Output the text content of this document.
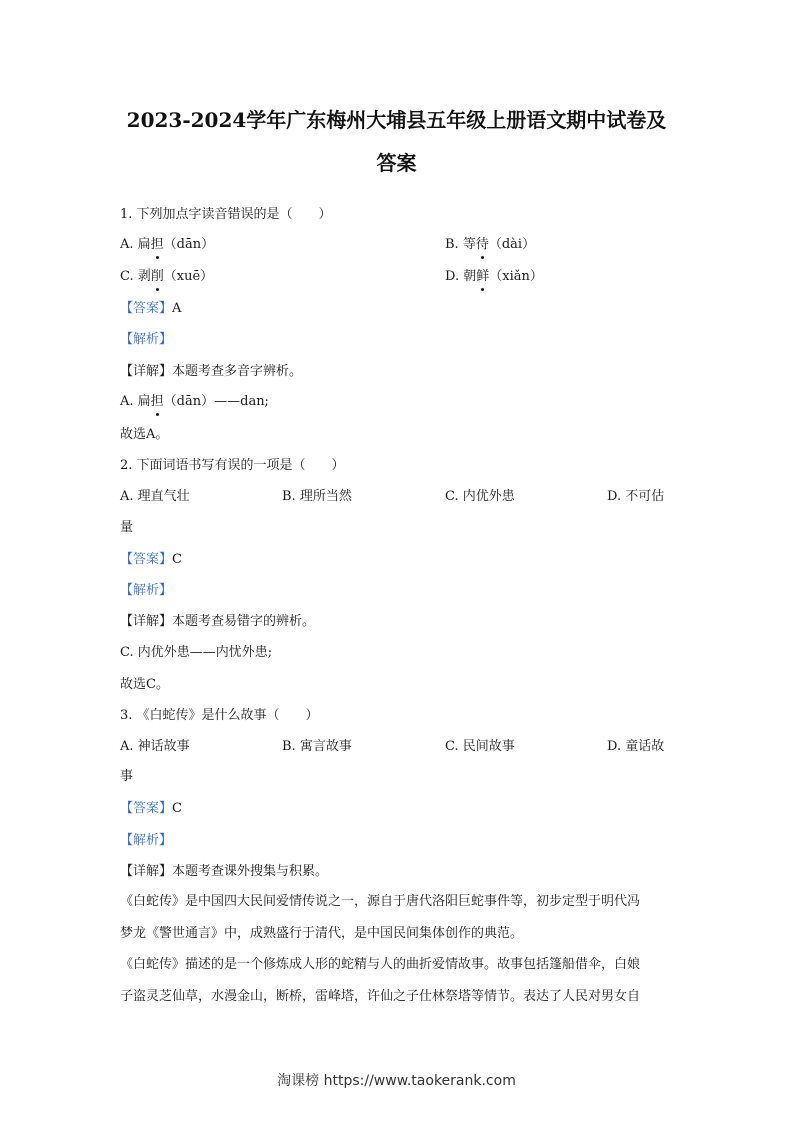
2023-2024学年广东梅州大埔县五年级上册语文期中试卷及
答案
1. 下列加点字读音错误的是（　　）
A. 扁担（dān）	B. 等待（dài）
C. 剥削（xuē）	D. 朝鲜（xiǎn）
【答案】A
【解析】
【详解】本题考查多音字辨析。
A. 扁担（dān）——dan;
故选A。
2. 下面词语书写有误的一项是（　　）
A. 理直气壮	B. 理所当然	C. 内优外患	D. 不可估
量
【答案】C
【解析】
【详解】本题考查易错字的辨析。
C. 内优外患——内忧外患;
故选C。
3. 《白蛇传》是什么故事（　　）
A. 神话故事	B. 寓言故事	C. 民间故事	D. 童话故
事
【答案】C
【解析】
【详解】本题考查课外搜集与积累。
《白蛇传》是中国四大民间爱情传说之一，源自于唐代洛阳巨蛇事件等，初步定型于明代冯
梦龙《警世通言》中，成熟盛行于清代，是中国民间集体创作的典范。
《白蛇传》描述的是一个修炼成人形的蛇精与人的曲折爱情故事。故事包括篷船借伞，白娘
子盗灵芝仙草，水漫金山，断桥，雷峰塔，许仙之子仕林祭塔等情节。表达了人民对男女自
淘课榜 https://www.taokerank.com
